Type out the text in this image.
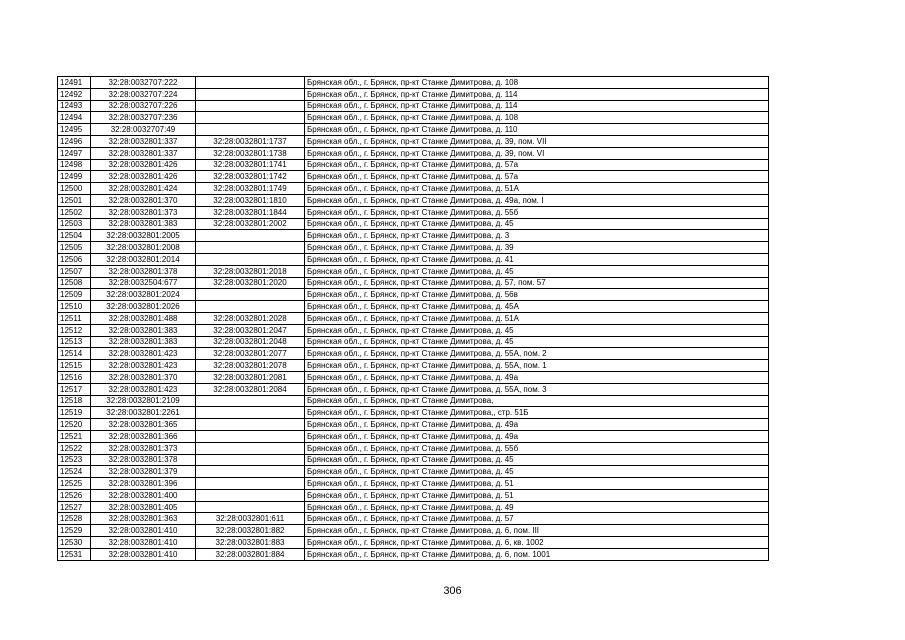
12491	32:28:0032707:222		Брянская обл., г. Брянск, пр-кт Станке Димитрова, д. 108
12492	32:28:0032707:224		Брянская обл., г. Брянск, пр-кт Станке Димитрова, д. 114
12493	32:28:0032707:226		Брянская обл., г. Брянск, пр-кт Станке Димитрова, д. 114
12494	32:28:0032707:236		Брянская обл., г. Брянск, пр-кт Станке Димитрова, д. 108
12495	32:28:0032707:49		Брянская обл., г. Брянск, пр-кт Станке Димитрова, д. 110
12496	32:28:0032801:337	32:28:0032801:1737	Брянская обл., г. Брянск, пр-кт Станке Димитрова, д. 39, пом. VII
12497	32:28:0032801:337	32:28:0032801:1738	Брянская обл., г. Брянск, пр-кт Станке Димитрова, д. 39, пом. VI
12498	32:28:0032801:426	32:28:0032801:1741	Брянская обл., г. Брянск, пр-кт Станке Димитрова, д. 57а
12499	32:28:0032801:426	32:28:0032801:1742	Брянская обл., г. Брянск, пр-кт Станке Димитрова, д. 57а
12500	32:28:0032801:424	32:28:0032801:1749	Брянская обл., г. Брянск, пр-кт Станке Димитрова, д. 51А
12501	32:28:0032801:370	32:28:0032801:1810	Брянская обл., г. Брянск, пр-кт Станке Димитрова, д. 49а, пом. I
12502	32:28:0032801:373	32:28:0032801:1844	Брянская обл., г. Брянск, пр-кт Станке Димитрова, д. 55б
12503	32:28:0032801:383	32:28:0032801:2002	Брянская обл., г. Брянск, пр-кт Станке Димитрова, д. 45
12504	32:28:0032801:2005		Брянская обл., г. Брянск, пр-кт Станке Димитрова, д. 3
12505	32:28:0032801:2008		Брянская обл., г. Брянск, пр-кт Станке Димитрова, д. 39
12506	32:28:0032801:2014		Брянская обл., г. Брянск, пр-кт Станке Димитрова, д. 41
12507	32:28:0032801:378	32:28:0032801:2018	Брянская обл., г. Брянск, пр-кт Станке Димитрова, д. 45
12508	32:28:0032504:677	32:28:0032801:2020	Брянская обл., г. Брянск, пр-кт Станке Димитрова, д. 57, пом. 57
12509	32:28:0032801:2024		Брянская обл., г. Брянск, пр-кт Станке Димитрова, д. 56в
12510	32:28:0032801:2026		Брянская обл., г. Брянск, пр-кт Станке Димитрова, д. 45А
12511	32:28:0032801:488	32:28:0032801:2028	Брянская обл., г. Брянск, пр-кт Станке Димитрова, д. 51А
12512	32:28:0032801:383	32:28:0032801:2047	Брянская обл., г. Брянск, пр-кт Станке Димитрова, д. 45
12513	32:28:0032801:383	32:28:0032801:2048	Брянская обл., г. Брянск, пр-кт Станке Димитрова, д. 45
12514	32:28:0032801:423	32:28:0032801:2077	Брянская обл., г. Брянск, пр-кт Станке Димитрова, д. 55А, пом. 2
12515	32:28:0032801:423	32:28:0032801:2078	Брянская обл., г. Брянск, пр-кт Станке Димитрова, д. 55А, пом. 1
12516	32:28:0032801:370	32:28:0032801:2081	Брянская обл., г. Брянск, пр-кт Станке Димитрова, д. 49а
12517	32:28:0032801:423	32:28:0032801:2084	Брянская обл., г. Брянск, пр-кт Станке Димитрова, д. 55А, пом. 3
12518	32:28:0032801:2109		Брянская обл., г. Брянск, пр-кт Станке Димитрова,
12519	32:28:0032801:2261		Брянская обл., г. Брянск, пр-кт Станке Димитрова,, стр. 51Б
12520	32:28:0032801:365		Брянская обл., г. Брянск, пр-кт Станке Димитрова, д. 49а
12521	32:28:0032801:366		Брянская обл., г. Брянск, пр-кт Станке Димитрова, д. 49а
12522	32:28:0032801:373		Брянская обл., г. Брянск, пр-кт Станке Димитрова, д. 55б
12523	32:28:0032801:378		Брянская обл., г. Брянск, пр-кт Станке Димитрова, д. 45
12524	32:28:0032801:379		Брянская обл., г. Брянск, пр-кт Станке Димитрова, д. 45
12525	32:28:0032801:396		Брянская обл., г. Брянск, пр-кт Станке Димитрова, д. 51
12526	32:28:0032801:400		Брянская обл., г. Брянск, пр-кт Станке Димитрова, д. 51
12527	32:28:0032801:405		Брянская обл., г. Брянск, пр-кт Станке Димитрова, д. 49
12528	32:28:0032801:363	32:28:0032801:611	Брянская обл., г. Брянск, пр-кт Станке Димитрова, д. 57
12529	32:28:0032801:410	32:28:0032801:882	Брянская обл., г. Брянск, пр-кт Станке Димитрова, д. 6, пом. III
12530	32:28:0032801:410	32:28:0032801:883	Брянская обл., г. Брянск, пр-кт Станке Димитрова, д. 6, кв. 1002
12531	32:28:0032801:410	32:28:0032801:884	Брянская обл., г. Брянск, пр-кт Станке Димитрова, д. 6, пом. 1001
306
